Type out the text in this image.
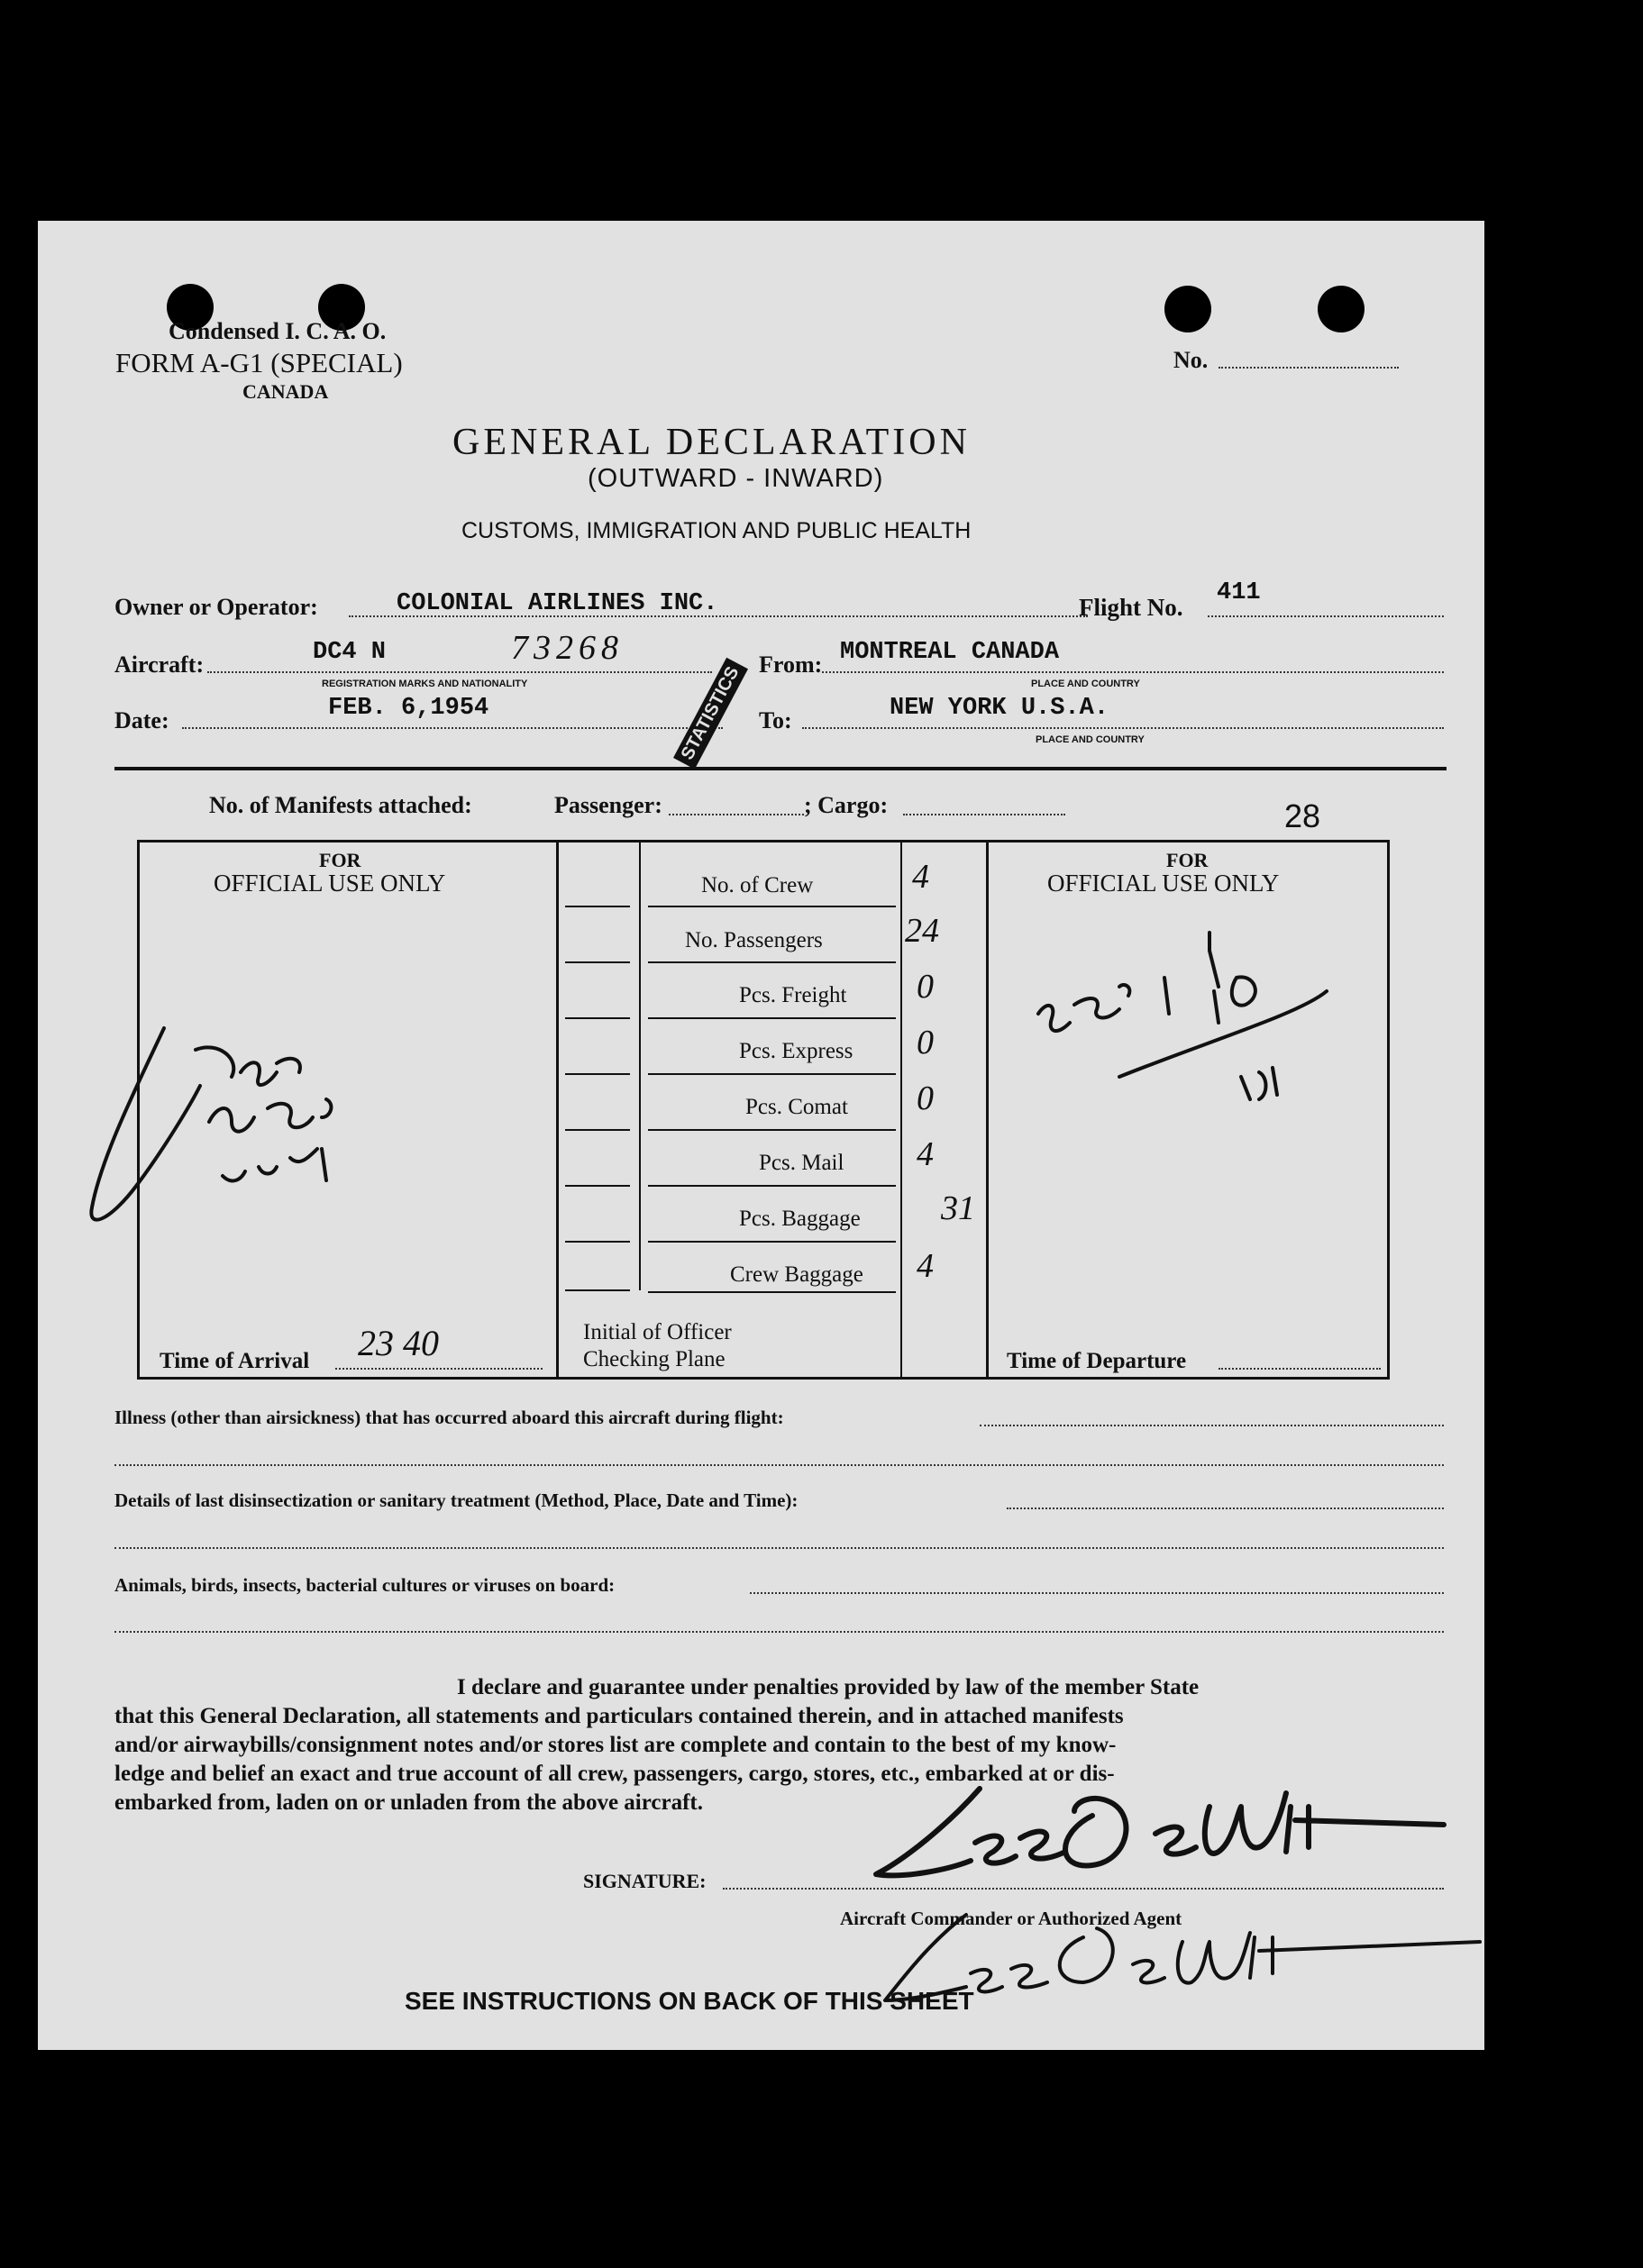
Condensed I. C. A. O.
FORM A-G1 (SPECIAL)
CANADA
No.
GENERAL DECLARATION
(OUTWARD - INWARD)
CUSTOMS, IMMIGRATION AND PUBLIC HEALTH
Owner or Operator:	COLONIAL AIRLINES INC.	Flight No.
411
Aircraft:	DC4 N	73268
REGISTRATION MARKS AND NATIONALITY
From: MONTREAL CANADA
PLACE AND COUNTRY
Date:	FEB. 6,1954	To:	NEW YORK U.S.A.
PLACE AND COUNTRY
STATISTICS
No. of Manifests attached:	Passenger:	; Cargo:	28
FOR
OFFICIAL USE ONLY
FOR
OFFICIAL USE ONLY
No. of Crew	4
No. Passengers 24
Pcs. Freight 0
Pcs. Express 0
Pcs. Comat 0
Pcs. Mail 4
Pcs. Baggage 31
Crew Baggage 4
Time of Arrival 23 40	Initial of Officer
Checking Plane	Time of Departure
Illness (other than airsickness) that has occurred aboard this aircraft during flight:
Details of last disinsectization or sanitary treatment (Method, Place, Date and Time):
Animals, birds, insects, bacterial cultures or viruses on board:
I declare and guarantee under penalties provided by law of the member State
that this General Declaration, all statements and particulars contained therein, and in attached manifests
and/or airwaybills/consignment notes and/or stores list are complete and contain to the best of my know-
ledge and belief an exact and true account of all crew, passengers, cargo, stores, etc., embarked at or dis-
embarked from, laden on or unladen from the above aircraft.
SIGNATURE:
Aircraft Commander or Authorized Agent
SEE INSTRUCTIONS ON BACK OF THIS SHEET
